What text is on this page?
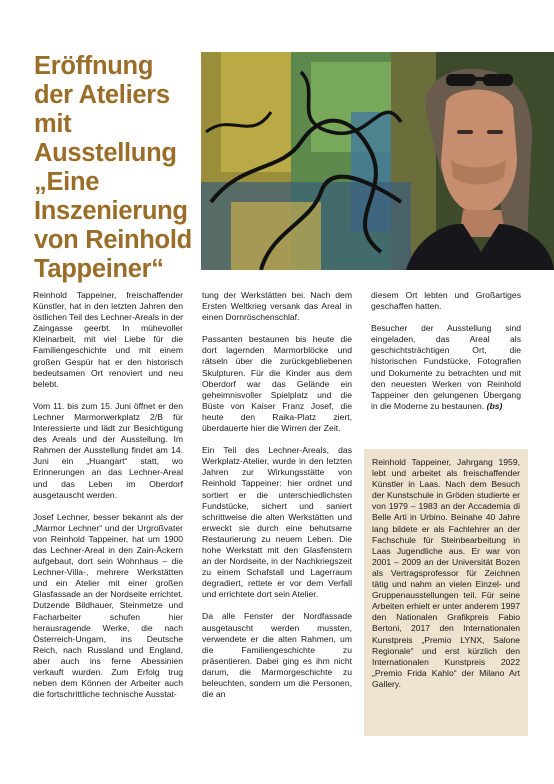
Eröffnung der Ateliers mit Ausstellung „Eine Inszenierung von Reinhold Tappeiner“

Reinhold Tappeiner, freischaffender Künstler, hat in den letzten Jahren den östlichen Teil des Lechner-Areals in der Zaingasse geerbt. In mühevoller Kleinarbeit, mit viel Liebe für die Familiengeschichte und mit einem großen Gespür hat er den historisch bedeutsamen Ort renoviert und neu belebt.

Vom 11. bis zum 15. Juni öffnet er den Lechner Marmorwerkplatz 2/B für Interessierte und lädt zur Besichtigung des Areals und der Ausstellung. Im Rahmen der Ausstellung findet am 14. Juni ein „Huangart“ statt, wo Erinnerungen an das Lechner-Areal und das Leben im Oberdorf ausgetauscht werden.

Josef Lechner, besser bekannt als der „Marmor Lechner“ und der Urgroßvater von Reinhold Tappeiner, hat um 1900 das Lechner-Areal in den Zain-Äckern aufgebaut, dort sein Wohnhaus – die Lechner-Villa-, mehrere Werkstätten und ein Atelier mit einer großen Glasfassade an der Nordseite errichtet. Dutzende Bildhauer, Steinmetze und Facharbeiter schufen hier herausragende Werke, die nach Österreich-Ungarn, ins Deutsche Reich, nach Russland und England, aber auch ins ferne Abessinien verkauft wurden. Zum Erfolg trug neben dem Können der Arbeiter auch die fortschrittliche technische Ausstat-

tung der Werkstätten bei. Nach dem Ersten Weltkrieg versank das Areal in einen Dornröschenschlaf.

Passanten bestaunen bis heute die dort lagernden Marmorblöcke und rätseln über die zurückgebliebenen Skulpturen. Für die Kinder aus dem Oberdorf war das Gelände ein geheimnisvoller Spielplatz und die Büste von Kaiser Franz Josef, die heute den Raika-Platz ziert, überdauerte hier die Wirren der Zeit.

Ein Teil des Lechner-Areals, das Werkplatz-Atelier, wurde in den letzten Jahren zur Wirkungsstätte von Reinhold Tappeiner: hier ordnet und sortiert er die unterschiedlichsten Fundstücke, sichert und saniert schrittweise die alten Werkstätten und erweckt sie durch eine behutsame Restaurierung zu neuem Leben. Die hohe Werkstatt mit den Glasfenstern an der Nordseite, in der Nachkriegszeit zu einem Schafstall und Lagerraum degradiert, rettete er vor dem Verfall und errichtete dort sein Atelier.

Da alle Fenster der Nordfassade ausgetauscht werden mussten, verwendete er die alten Rahmen, um die Familiengeschichte zu präsentieren. Dabei ging es ihm nicht darum, die Marmorgeschichte zu beleuchten, sondern um die Personen, die an

diesem Ort lebten und Großartiges geschaffen hatten.

Besucher der Ausstellung sind eingeladen, das Areal als geschichtsträchtigen Ort, die historischen Fundstücke, Fotografien und Dokumente zu betrachten und mit den neuesten Werken von Reinhold Tappeiner den gelungenen Übergang in die Moderne zu bestaunen. (bs)

Reinhold Tappeiner, Jahrgang 1959, lebt und arbeitet als freischaffender Künstler in Laas. Nach dem Besuch der Kunstschule in Gröden studierte er von 1979 – 1983 an der Accademia di Belle Arti in Urbino. Beinahe 40 Jahre lang bildete er als Fachlehrer an der Fachschule für Steinbearbeitung in Laas Jugendliche aus. Er war von 2001 – 2009 an der Universität Bozen als Vertragsprofessor für Zeichnen tätig und nahm an vielen Einzel- und Gruppenausstellungen teil. Für seine Arbeiten erhielt er unter anderem 1997 den Nationalen Grafikpreis Fabio Bertoni, 2017 den Internationalen Kunstpreis „Premio LYNX, Salone Regionale“ und erst kürzlich den Internationalen Kunstpreis 2022 „Premio Frida Kahlo“ der Milano Art Gallery.
